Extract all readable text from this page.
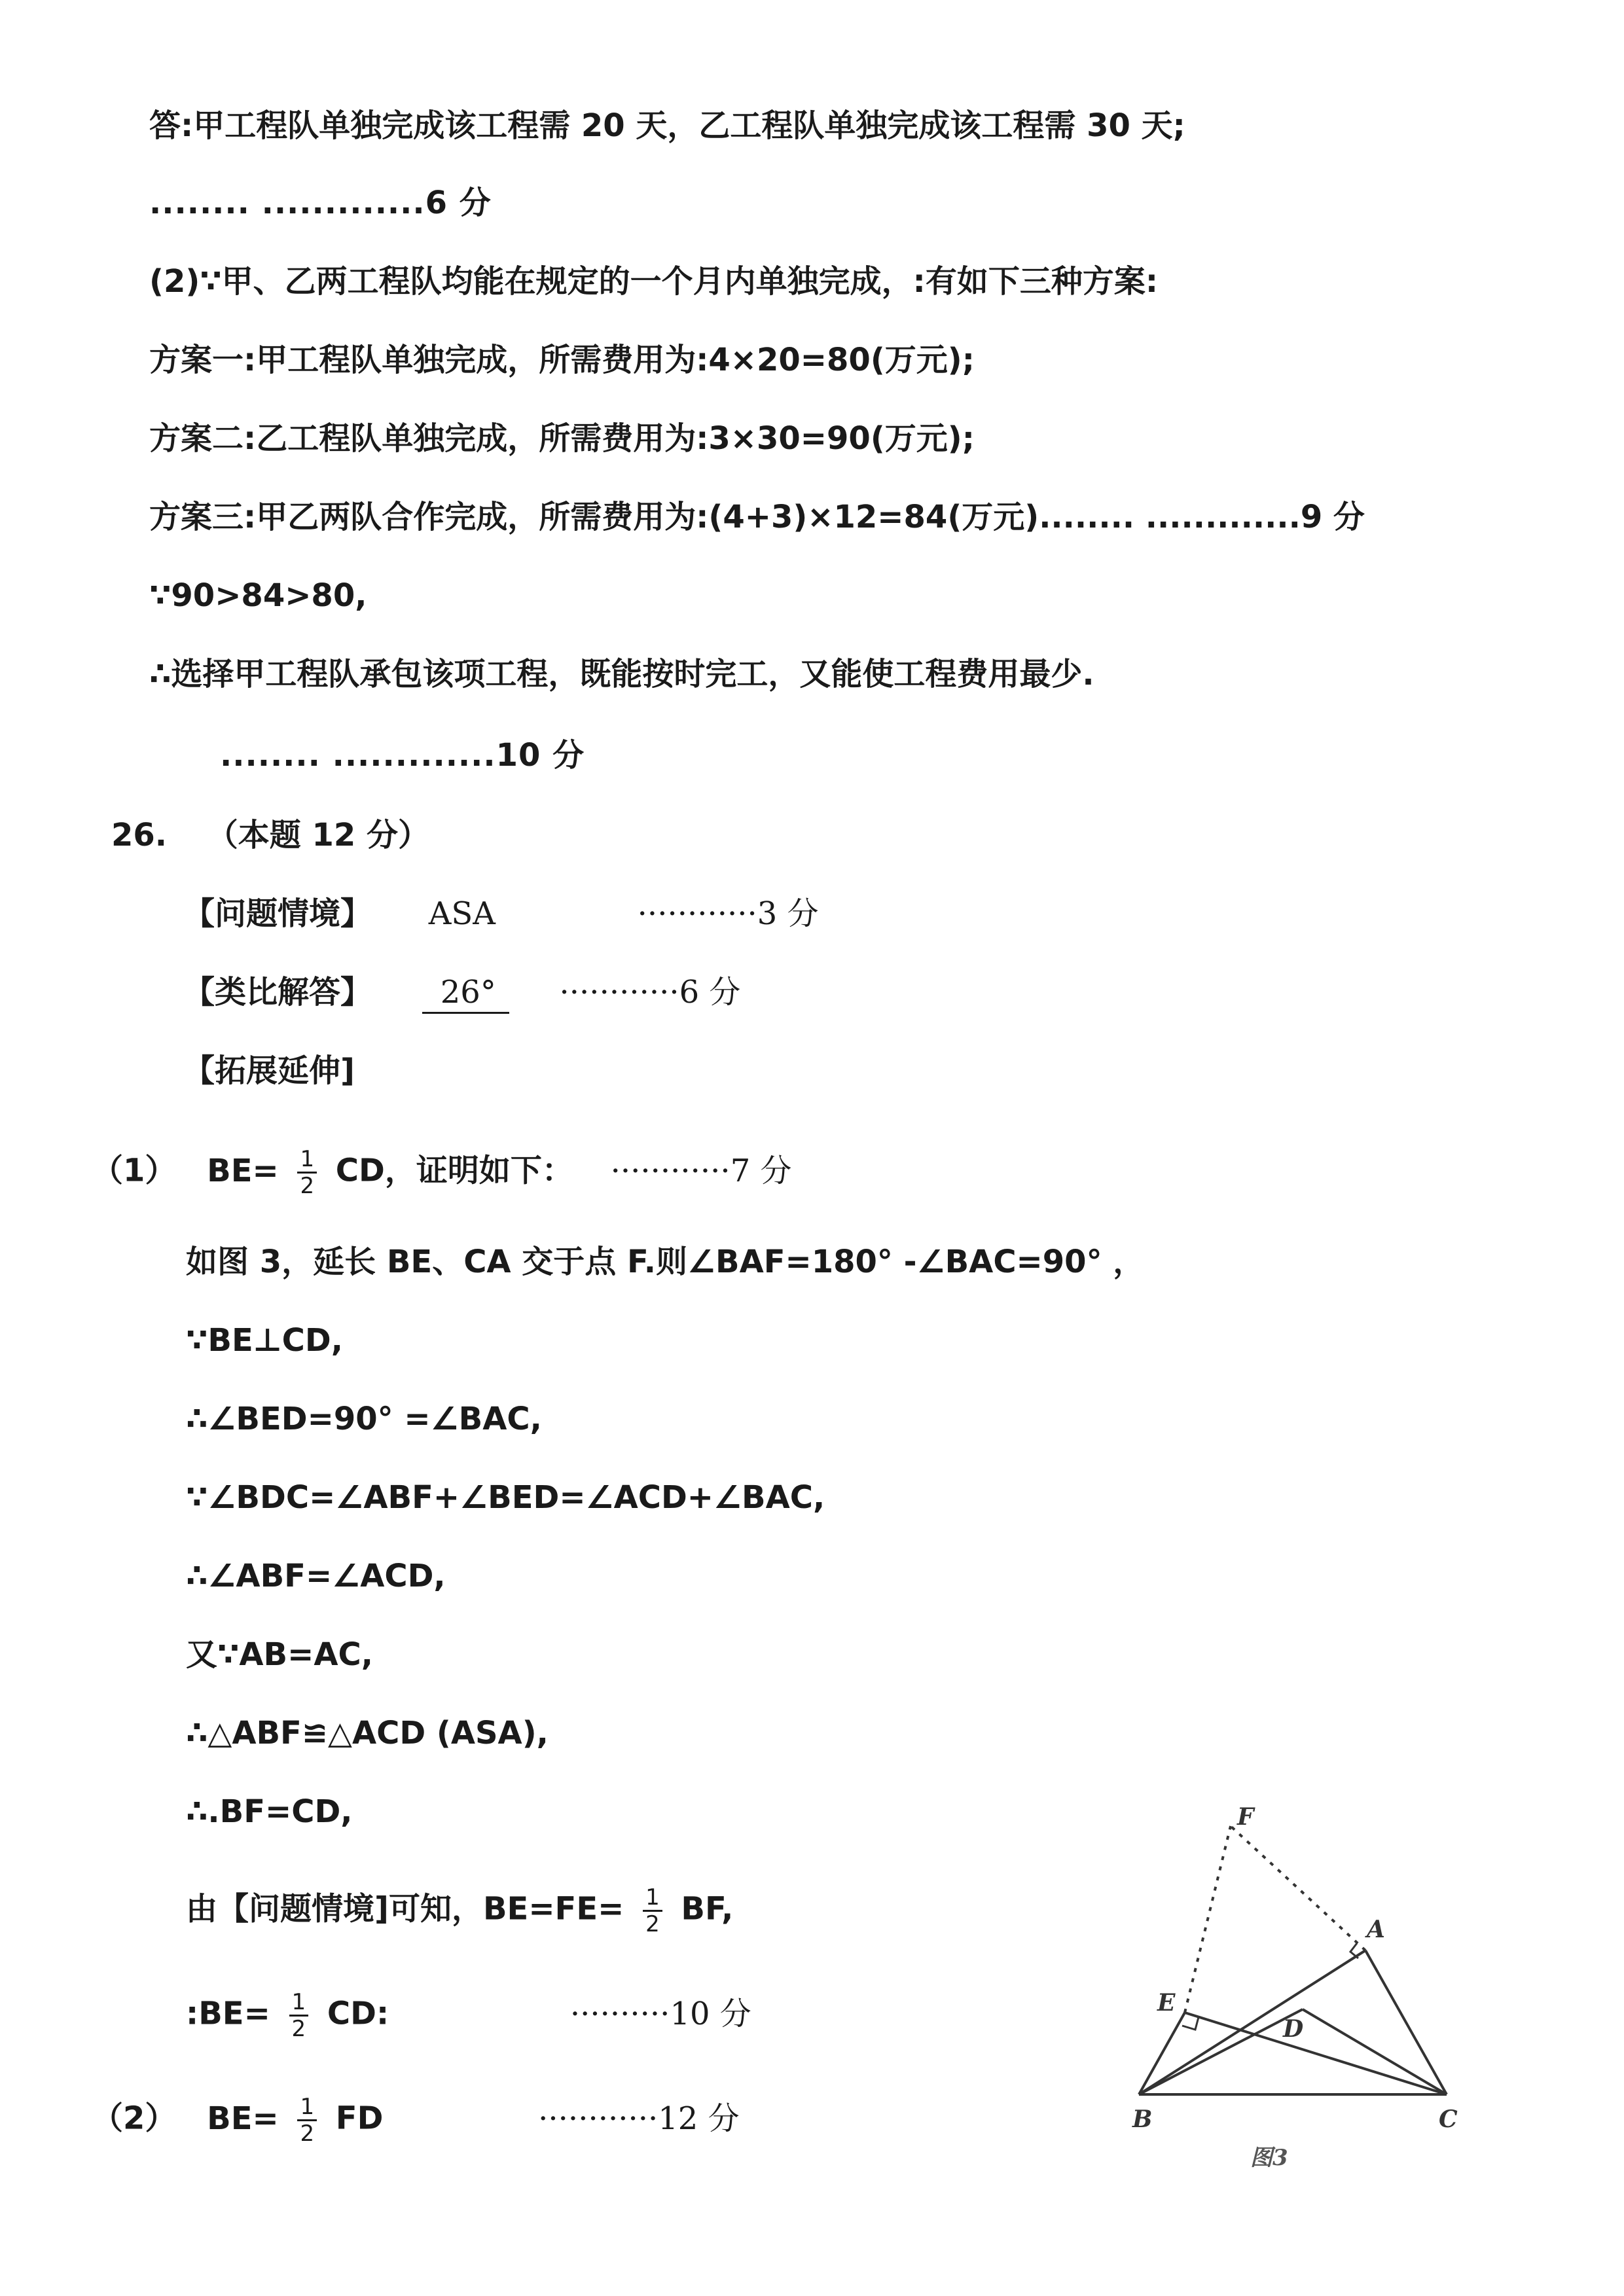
答:甲工程队单独完成该工程需 20 天，乙工程队单独完成该工程需 30 天;
........ .............6 分
(2)∵甲、乙两工程队均能在规定的一个月内单独完成，:有如下三种方案:
方案一:甲工程队单独完成，所需费用为:4×20=80(万元);
方案二:乙工程队单独完成，所需费用为:3×30=90(万元);
方案三:甲乙两队合作完成，所需费用为:(4+3)×12=84(万元)........ .............9 分
∵90>84>80,
∴选择甲工程队承包该项工程，既能按时完工，又能使工程费用最少.
........ .............10 分
26. （本题 12 分）
【问题情境】 ASA	············3 分
【类比解答】 26° ············6 分
【拓展延伸]
（1） $BE= \frac{1}{2}$ CD，证明如下： ············7 分
如图 3，延长 BE、CA 交于点 F.则∠BAF=180° -∠BAC=90° ，
∵BE⊥CD,
∴∠BED=90° =∠BAC,
∵∠BDC=∠ABF+∠BED=∠ACD+∠BAC,
∴∠ABF=∠ACD,
又∵AB=AC,
∴△ABF≌△ACD (ASA),
∴.BF=CD,
由【问题情境]可知，$BE=FE= \frac{1}{2}$ BF,
:BE= $\frac{1}{2}$ CD:	··········10 分
（2） $BE= \frac{1}{2}$ FD	············12 分
F
A
E
D
B	C
图3
